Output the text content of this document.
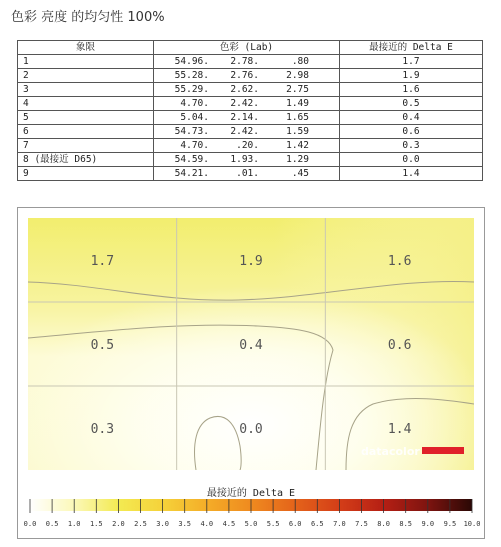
色彩 亮度 的均匀性 100%
象限	色彩 (Lab)	最接近的 Delta E
1	54.96. 2.78. .80	1.7
2	55.28. 2.76. 2.98	1.9
3	55.29. 2.62. 2.75	1.6
4	4.70. 2.42. 1.49	0.5
5	5.04. 2.14. 1.65	0.4
6	54.73. 2.42. 1.59	0.6
7	4.70. .20. 1.42	0.3
8 (最接近 D65)	54.59. 1.93. 1.29	0.0
9	54.21. .01. .45	1.4
1.7	1.9	1.6
0.5	0.4	0.6
0.3	0.0	1.4
datacolor
最接近的 Delta E
0.0 0.5 1.0 1.5 2.0 2.5 3.0 3.5 4.0 4.5 5.0 5.5 6.0 6.5 7.0 7.5 8.0 8.5 9.0 9.5 10.0
